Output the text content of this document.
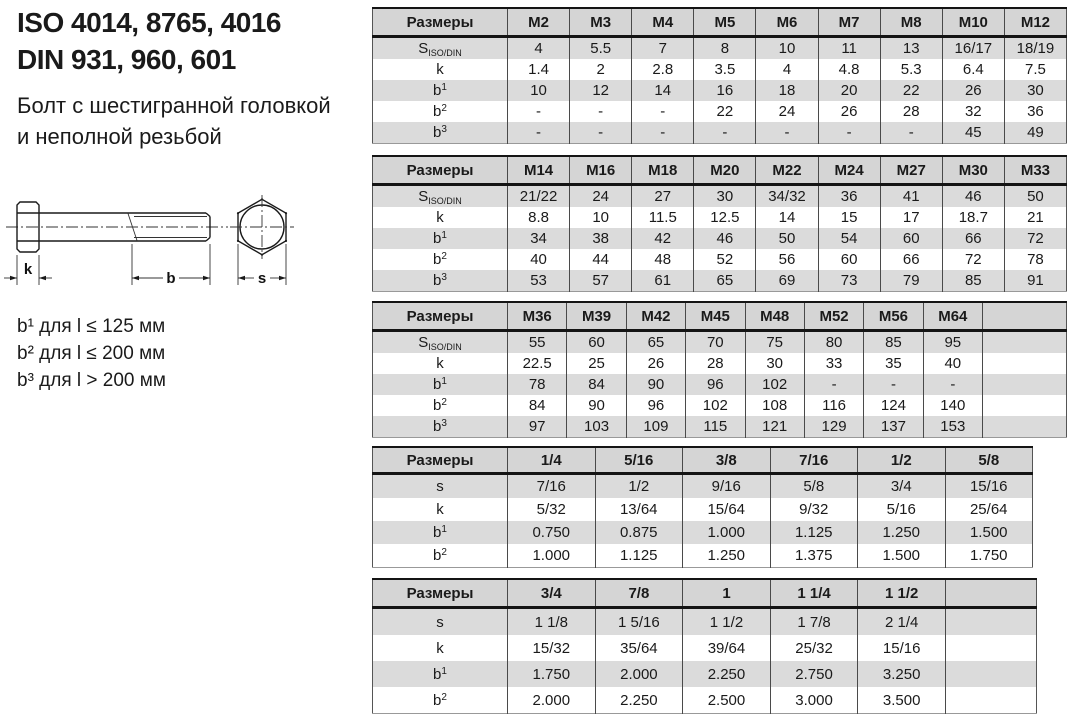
ISO 4014, 8765, 4016
DIN 931, 960, 601
Болт с шестигранной головкой
и неполной резьбой
k
b	s
b¹ для l ≤ 125 мм
b² для l ≤ 200 мм
b³ для l > 200 мм
Размеры	M2	M3	M4	M5	M6	M7	M8	M10	M12
$S_{ISO/DIN}$	4	5.5	7	8	10	11	13	16/17	18/19
k	1.4	2	2.8	3.5	4	4.8	5.3	6.4	7.5
$b^1$	10	12	14	16	18	20	22	26	30
$b^2$	-	-	-	22	24	26	28	32	36
$b^3$	-	-	-	-	-	-	-	45	49
Размеры	M14	M16	M18	M20	M22	M24	M27	M30	M33
$S_{ISO/DIN}$	21/22	24	27	30	34/32	36	41	46	50
k	8.8	10	11.5	12.5	14	15	17	18.7	21
$b^1$	34	38	42	46	50	54	60	66	72
$b^2$	40	44	48	52	56	60	66	72	78
$b^3$	53	57	61	65	69	73	79	85	91
Размеры	M36	M39	M42	M45	M48	M52	M56	M64	
$S_{ISO/DIN}$	55	60	65	70	75	80	85	95	
k	22.5	25	26	28	30	33	35	40	
$b^1$	78	84	90	96	102	-	-	-	
$b^2$	84	90	96	102	108	116	124	140	
$b^3$	97	103	109	115	121	129	137	153	
Размеры	1/4	5/16	3/8	7/16	1/2	5/8
s	7/16	1/2	9/16	5/8	3/4	15/16
k	5/32	13/64	15/64	9/32	5/16	25/64
$b^1$	0.750	0.875	1.000	1.125	1.250	1.500
$b^2$	1.000	1.125	1.250	1.375	1.500	1.750
Размеры	3/4	7/8	1	1 1/4	1 1/2	
s	1 1/8	1 5/16	1 1/2	1 7/8	2 1/4	
k	15/32	35/64	39/64	25/32	15/16	
$b^1$	1.750	2.000	2.250	2.750	3.250	
$b^2$	2.000	2.250	2.500	3.000	3.500	
